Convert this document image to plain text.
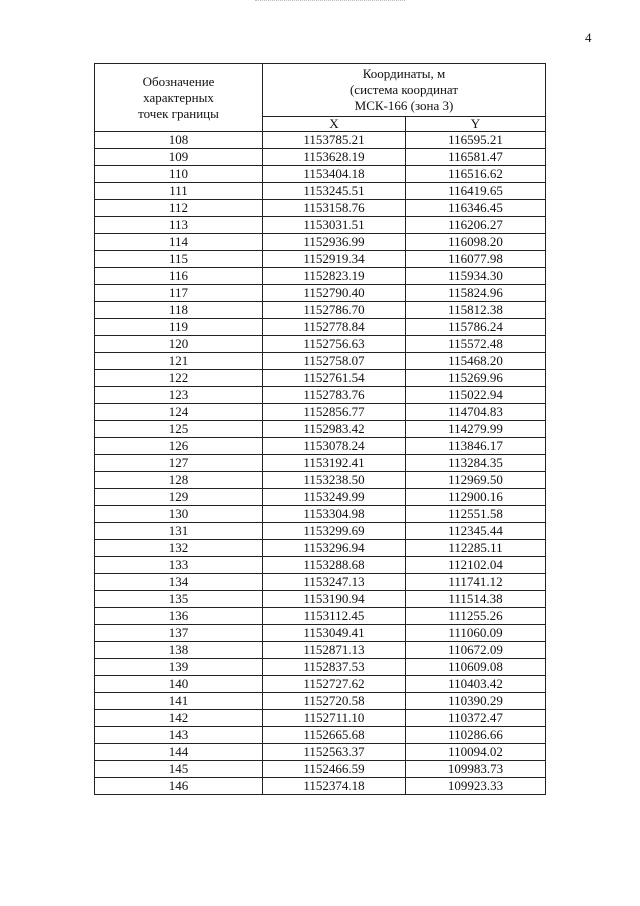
4
Обозначение
характерных
точек границы	Координаты, м
(система координат
МСК-166 (зона 3)	

	X	Y
108	1153785.21	116595.21
109	1153628.19	116581.47
110	1153404.18	116516.62
111	1153245.51	116419.65
112	1153158.76	116346.45
113	1153031.51	116206.27
114	1152936.99	116098.20
115	1152919.34	116077.98
116	1152823.19	115934.30
117	1152790.40	115824.96
118	1152786.70	115812.38
119	1152778.84	115786.24
120	1152756.63	115572.48
121	1152758.07	115468.20
122	1152761.54	115269.96
123	1152783.76	115022.94
124	1152856.77	114704.83
125	1152983.42	114279.99
126	1153078.24	113846.17
127	1153192.41	113284.35
128	1153238.50	112969.50
129	1153249.99	112900.16
130	1153304.98	112551.58
131	1153299.69	112345.44
132	1153296.94	112285.11
133	1153288.68	112102.04
134	1153247.13	111741.12
135	1153190.94	111514.38
136	1153112.45	111255.26
137	1153049.41	111060.09
138	1152871.13	110672.09
139	1152837.53	110609.08
140	1152727.62	110403.42
141	1152720.58	110390.29
142	1152711.10	110372.47
143	1152665.68	110286.66
144	1152563.37	110094.02
145	1152466.59	109983.73
146	1152374.18	109923.33
